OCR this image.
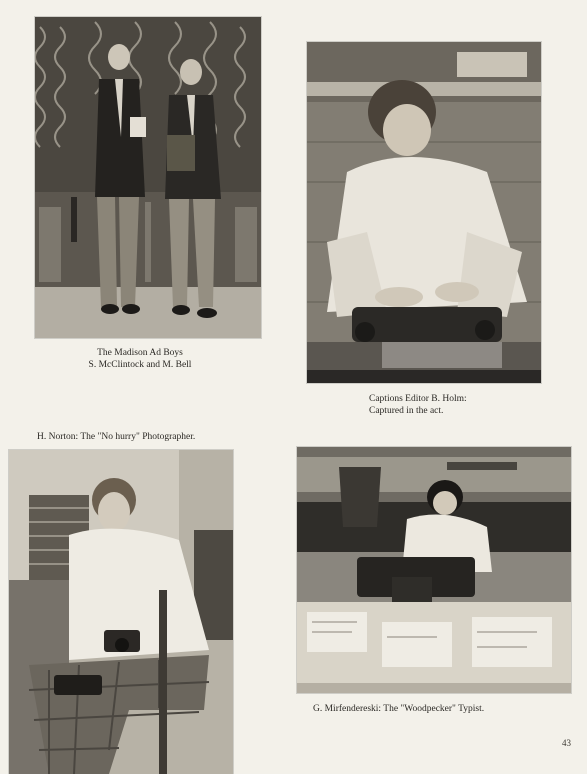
The Madison Ad Boys
S. McClintock and M. Bell
Captions Editor B. Holm:
Captured in the act.
H. Norton: The "No hurry" Photographer.
G. Mirfendereski: The "Woodpecker" Typist.
43
